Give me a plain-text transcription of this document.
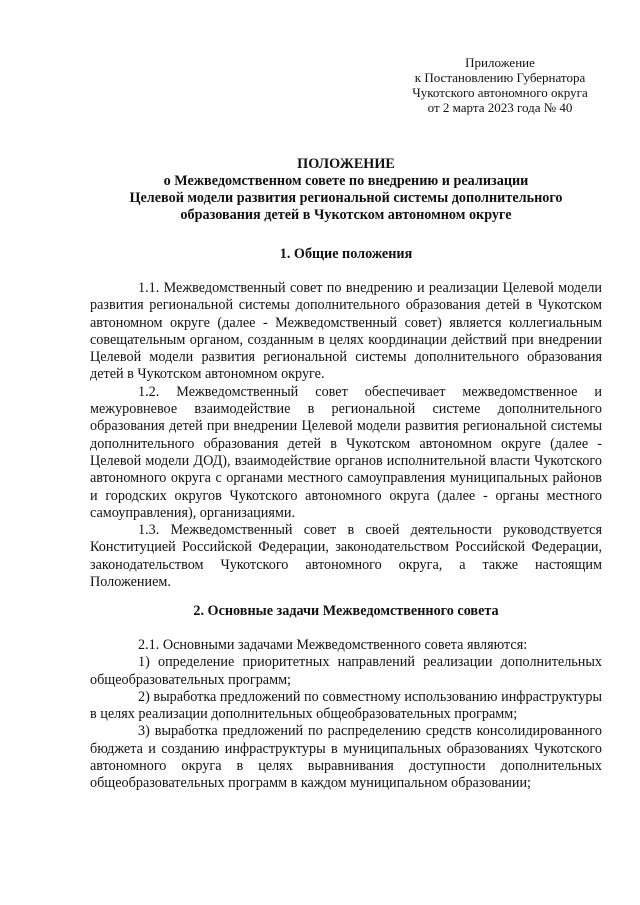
Приложение
к Постановлению Губернатора
Чукотского автономного округа
от 2 марта 2023 года № 40
ПОЛОЖЕНИЕ
о Межведомственном совете по внедрению и реализации
Целевой модели развития региональной системы дополнительного
образования детей в Чукотском автономном округе
1. Общие положения

1.1. Межведомственный совет по внедрению и реализации Целевой модели развития региональной системы дополнительного образования детей в Чукотском автономном округе (далее - Межведомственный совет) является коллегиальным совещательным органом, созданным в целях координации действий при внедрении Целевой модели развития региональной системы дополнительного образования детей в Чукотском автономном округе.

1.2. Межведомственный совет обеспечивает межведомственное и межуровневое взаимодействие в региональной системе дополнительного образования детей при внедрении Целевой модели развития региональной системы дополнительного образования детей в Чукотском автономном округе (далее - Целевой модели ДОД), взаимодействие органов исполнительной власти Чукотского автономного округа с органами местного самоуправления муниципальных районов и городских округов Чукотского автономного округа (далее - органы местного самоуправления), организациями.

1.3. Межведомственный совет в своей деятельности руководствуется Конституцией Российской Федерации, законодательством Российской Федерации, законодательством Чукотского автономного округа, а также настоящим Положением.

2. Основные задачи Межведомственного совета

2.1. Основными задачами Межведомственного совета являются:

1) определение приоритетных направлений реализации дополнительных общеобразовательных программ;

2) выработка предложений по совместному использованию инфраструктуры в целях реализации дополнительных общеобразовательных программ;

3) выработка предложений по распределению средств консолидированного бюджета и созданию инфраструктуры в муниципальных образованиях Чукотского автономного округа в целях выравнивания доступности дополнительных общеобразовательных программ в каждом муниципальном образовании;
